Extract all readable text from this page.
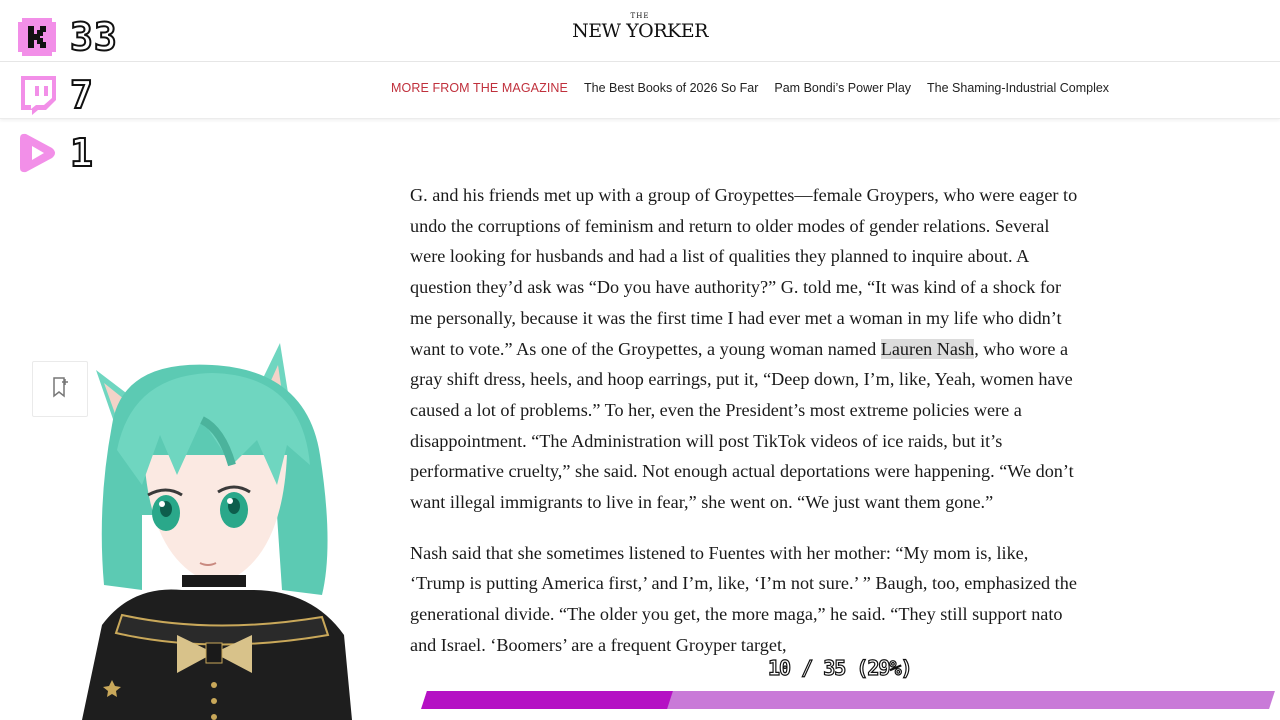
THE
NEW YORKER
MORE FROM THE MAGAZINE The Best Books of 2026 So Far Pam Bondi’s Power Play The Shaming-Industrial Complex

G. and his friends met up with a group of Groypettes—female Groypers, who were eager to undo the corruptions of feminism and return to older modes of gender relations. Several were looking for husbands and had a list of qualities they planned to inquire about. A question they’d ask was “Do you have authority?” G. told me, “It was kind of a shock for me personally, because it was the first time I had ever met a woman in my life who didn’t want to vote.” As one of the Groypettes, a young woman named Lauren Nash, who wore a gray shift dress, heels, and hoop earrings, put it, “Deep down, I’m, like, Yeah, women have caused a lot of problems.” To her, even the President’s most extreme policies were a disappointment. “The Administration will post TikTok videos of ice raids, but it’s performative cruelty,” she said. Not enough actual deportations were happening. “We don’t want illegal immigrants to live in fear,” she went on. “We just want them gone.”

Nash said that she sometimes listened to Fuentes with her mother: “My mom is, like, ‘Trump is putting America first,’ and I’m, like, ‘I’m not sure.’ ” Baugh, too, emphasized the generational divide. “The older you get, the more maga,” he said. “They still support nato and Israel. ‘Boomers’ are a frequent Groyper target,

33
7
1
10 / 35 (29%)
